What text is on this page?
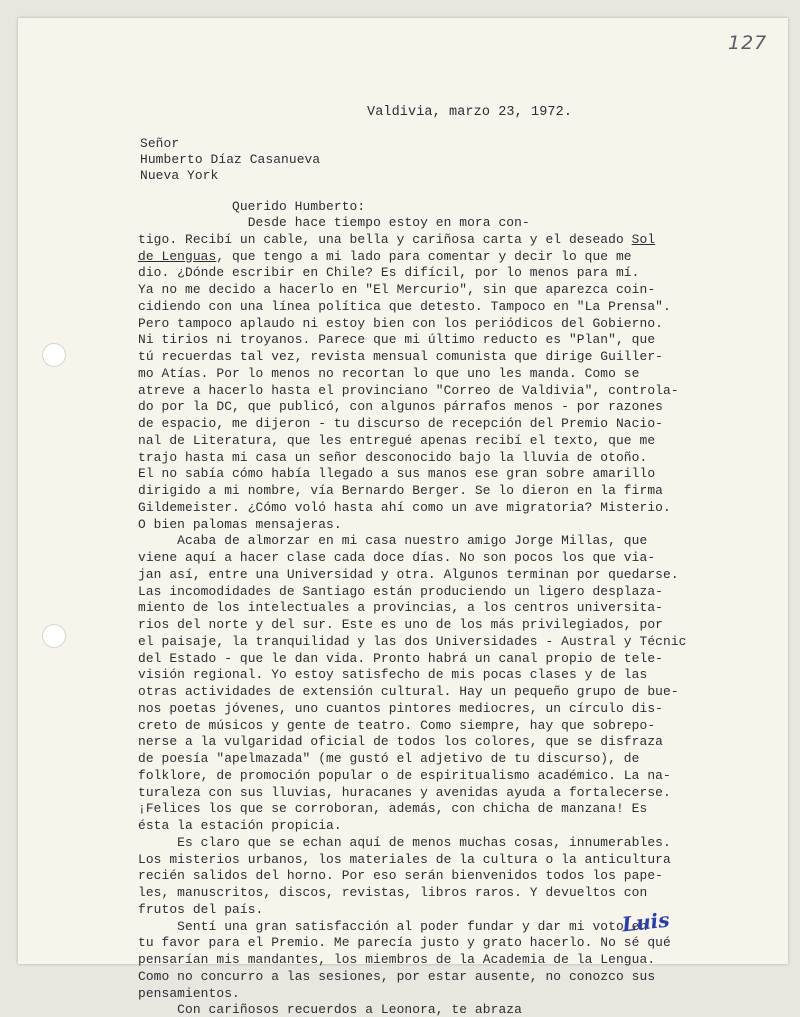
127
Valdivia, marzo 23, 1972.
Señor
Humberto Díaz Casanueva
Nueva York
Querido Humberto:
Desde hace tiempo estoy en mora con-
tigo. Recibí un cable, una bella y cariñosa carta y el deseado Sol
de Lenguas, que tengo a mi lado para comentar y decir lo que me
dio. ¿Dónde escribir en Chile? Es difícil, por lo menos para mí.
Ya no me decido a hacerlo en "El Mercurio", sin que aparezca coin-
cidiendo con una línea política que detesto. Tampoco en "La Prensa".
Pero tampoco aplaudo ni estoy bien con los periódicos del Gobierno.
Ni tirios ni troyanos. Parece que mi último reducto es "Plan", que
tú recuerdas tal vez, revista mensual comunista que dirige Guiller-
mo Atías. Por lo menos no recortan lo que uno les manda. Como se
atreve a hacerlo hasta el provinciano "Correo de Valdivia", controla-
do por la DC, que publicó, con algunos párrafos menos - por razones
de espacio, me dijeron - tu discurso de recepción del Premio Nacio-
nal de Literatura, que les entregué apenas recibí el texto, que me
trajo hasta mi casa un señor desconocido bajo la lluvia de otoño.
El no sabía cómo había llegado a sus manos ese gran sobre amarillo
dirigido a mi nombre, vía Bernardo Berger. Se lo dieron en la firma
Gildemeister. ¿Cómo voló hasta ahí como un ave migratoria? Misterio.
O bien palomas mensajeras.
Acaba de almorzar en mi casa nuestro amigo Jorge Millas, que
viene aquí a hacer clase cada doce días. No son pocos los que via-
jan así, entre una Universidad y otra. Algunos terminan por quedarse.
Las incomodidades de Santiago están produciendo un ligero desplaza-
miento de los intelectuales a provincias, a los centros universita-
rios del norte y del sur. Este es uno de los más privilegiados, por
el paisaje, la tranquilidad y las dos Universidades - Austral y Técnic
del Estado - que le dan vida. Pronto habrá un canal propio de tele-
visión regional. Yo estoy satisfecho de mis pocas clases y de las
otras actividades de extensión cultural. Hay un pequeño grupo de bue-
nos poetas jóvenes, uno cuantos pintores mediocres, un círculo dis-
creto de músicos y gente de teatro. Como siempre, hay que sobrepo-
nerse a la vulgaridad oficial de todos los colores, que se disfraza
de poesía "apelmazada" (me gustó el adjetivo de tu discurso), de
folklore, de promoción popular o de espiritualismo académico. La na-
turaleza con sus lluvias, huracanes y avenidas ayuda a fortalecerse.
¡Felices los que se corroboran, además, con chicha de manzana! Es
ésta la estación propicia.
Es claro que se echan aquí de menos muchas cosas, innumerables.
Los misterios urbanos, los materiales de la cultura o la anticultura
recién salidos del horno. Por eso serán bienvenidos todos los pape-
les, manuscritos, discos, revistas, libros raros. Y devueltos con
frutos del país.
Sentí una gran satisfacción al poder fundar y dar mi voto en
tu favor para el Premio. Me parecía justo y grato hacerlo. No sé qué
pensarían mis mandantes, los miembros de la Academia de la Lengua.
Como no concurro a las sesiones, por estar ausente, no conozco sus
pensamientos.
Con cariñosos recuerdos a Leonora, te abraza
Luis
